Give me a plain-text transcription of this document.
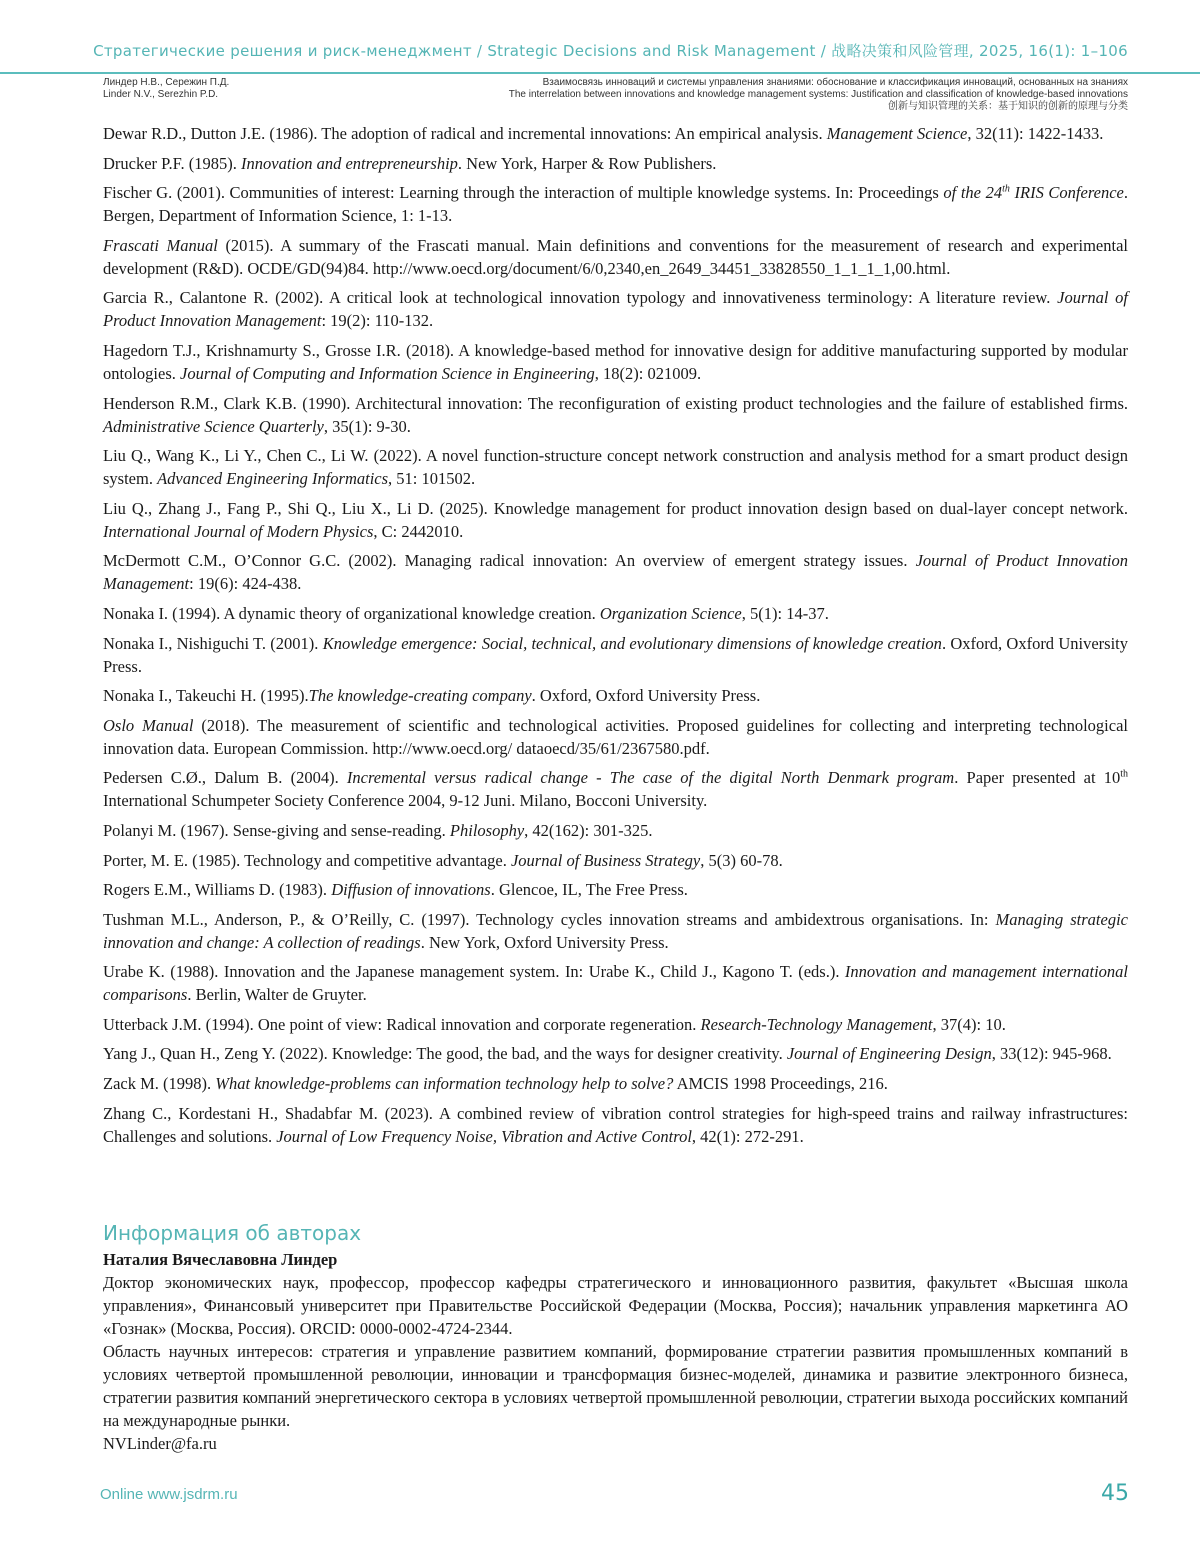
Стратегические решения и риск-менеджмент / Strategic Decisions and Risk Management / 战略决策和风险管理, 2025, 16(1): 1–106
Линдер Н.В., Сережин П.Д.
Linder N.V., Serezhin P.D.
Взаимосвязь инноваций и системы управления знаниями: обоснование и классификация инноваций, основанных на знаниях
The interrelation between innovations and knowledge management systems: Justification and classification of knowledge-based innovations
创新与知识管理的关系：基于知识的创新的原理与分类

Dewar R.D., Dutton J.E. (1986). The adoption of radical and incremental innovations: An empirical analysis. Management Science, 32(11): 1422-1433.

Drucker P.F. (1985). Innovation and entrepreneurship. New York, Harper & Row Publishers.

Fischer G. (2001). Communities of interest: Learning through the interaction of multiple knowledge systems. In: Proceedings of the 24th IRIS Conference. Bergen, Department of Information Science, 1: 1-13.

Frascati Manual (2015). A summary of the Frascati manual. Main definitions and conventions for the measurement of research and experimental development (R&D). OCDE/GD(94)84. http://www.oecd.org/document/6/0,2340,en_2649_34451_33828550_1_1_1_1,00.html.

Garcia R., Calantone R. (2002). A critical look at technological innovation typology and innovativeness terminology: A literature review. Journal of Product Innovation Management: 19(2): 110-132.

Hagedorn T.J., Krishnamurty S., Grosse I.R. (2018). A knowledge-based method for innovative design for additive manufacturing supported by modular ontologies. Journal of Computing and Information Science in Engineering, 18(2): 021009.

Henderson R.M., Clark K.B. (1990). Architectural innovation: The reconfiguration of existing product technologies and the failure of established firms. Administrative Science Quarterly, 35(1): 9-30.

Liu Q., Wang K., Li Y., Chen C., Li W. (2022). A novel function-structure concept network construction and analysis method for a smart product design system. Advanced Engineering Informatics, 51: 101502.

Liu Q., Zhang J., Fang P., Shi Q., Liu X., Li D. (2025). Knowledge management for product innovation design based on dual-layer concept network. International Journal of Modern Physics, C: 2442010.

McDermott C.M., O’Connor G.C. (2002). Managing radical innovation: An overview of emergent strategy issues. Journal of Product Innovation Management: 19(6): 424-438.

Nonaka I. (1994). A dynamic theory of organizational knowledge creation. Organization Science, 5(1): 14-37.

Nonaka I., Nishiguchi T. (2001). Knowledge emergence: Social, technical, and evolutionary dimensions of knowledge creation. Oxford, Oxford University Press.

Nonaka I., Takeuchi H. (1995).The knowledge-creating company. Oxford, Oxford University Press.

Oslo Manual (2018). The measurement of scientific and technological activities. Proposed guidelines for collecting and interpreting technological innovation data. European Commission. http://www.oecd.org/ dataoecd/35/61/2367580.pdf.

Pedersen C.Ø., Dalum B. (2004). Incremental versus radical change - The case of the digital North Denmark program. Paper presented at 10th International Schumpeter Society Conference 2004, 9-12 Juni. Milano, Bocconi University.

Polanyi M. (1967). Sense-giving and sense-reading. Philosophy, 42(162): 301-325.

Porter, M. E. (1985). Technology and competitive advantage. Journal of Business Strategy, 5(3) 60-78.

Rogers E.M., Williams D. (1983). Diffusion of innovations. Glencoe, IL, The Free Press.

Tushman M.L., Anderson, P., & O’Reilly, C. (1997). Technology cycles innovation streams and ambidextrous organisations. In: Managing strategic innovation and change: A collection of readings. New York, Oxford University Press.

Urabe K. (1988). Innovation and the Japanese management system. In: Urabe K., Child J., Kagono T. (eds.). Innovation and management international comparisons. Berlin, Walter de Gruyter.

Utterback J.M. (1994). One point of view: Radical innovation and corporate regeneration. Research-Technology Management, 37(4): 10.

Yang J., Quan H., Zeng Y. (2022). Knowledge: The good, the bad, and the ways for designer creativity. Journal of Engineering Design, 33(12): 945-968.

Zack M. (1998). What knowledge-problems can information technology help to solve? AMCIS 1998 Proceedings, 216.

Zhang C., Kordestani H., Shadabfar M. (2023). A combined review of vibration control strategies for high-speed trains and railway infrastructures: Challenges and solutions. Journal of Low Frequency Noise, Vibration and Active Control, 42(1): 272-291.

Информация об авторах

Наталия Вячеславовна Линдер

Доктор экономических наук, профессор, профессор кафедры стратегического и инновационного развития, факультет «Высшая школа управления», Финансовый университет при Правительстве Российской Федерации (Москва, Россия); начальник управления маркетинга АО «Гознак» (Москва, Россия). ORCID: 0000-0002-4724-2344.

Область научных интересов: стратегия и управление развитием компаний, формирование стратегии развития промышленных компаний в условиях четвертой промышленной революции, инновации и трансформация бизнес-моделей, динамика и развитие электронного бизнеса, стратегии развития компаний энергетического сектора в условиях четвертой промышленной революции, стратегии выхода российских компаний на международные рынки.

NVLinder@fa.ru

Online www.jsdrm.ru	45
